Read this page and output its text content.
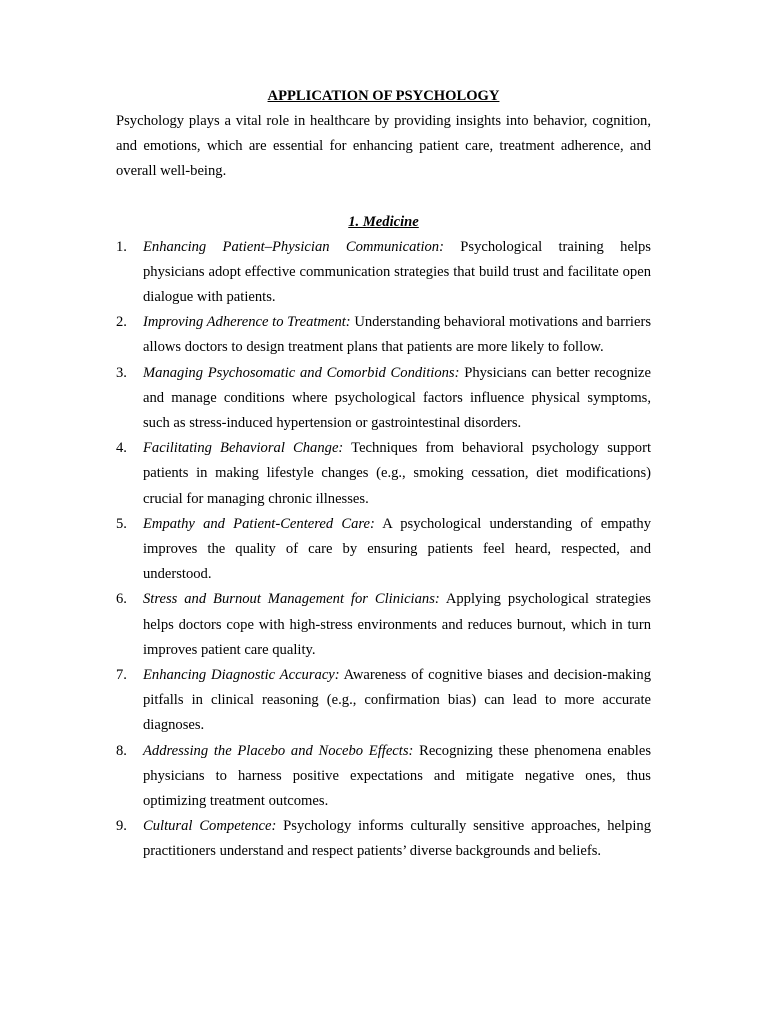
APPLICATION OF PSYCHOLOGY

Psychology plays a vital role in healthcare by providing insights into behavior, cognition, and emotions, which are essential for enhancing patient care, treatment adherence, and overall well-being.

1. Medicine

1. Enhancing Patient–Physician Communication: Psychological training helps physicians adopt effective communication strategies that build trust and facilitate open dialogue with patients.
2. Improving Adherence to Treatment: Understanding behavioral motivations and barriers allows doctors to design treatment plans that patients are more likely to follow.
3. Managing Psychosomatic and Comorbid Conditions: Physicians can better recognize and manage conditions where psychological factors influence physical symptoms, such as stress-induced hypertension or gastrointestinal disorders.
4. Facilitating Behavioral Change: Techniques from behavioral psychology support patients in making lifestyle changes (e.g., smoking cessation, diet modifications) crucial for managing chronic illnesses.
5. Empathy and Patient-Centered Care: A psychological understanding of empathy improves the quality of care by ensuring patients feel heard, respected, and understood.
6. Stress and Burnout Management for Clinicians: Applying psychological strategies helps doctors cope with high-stress environments and reduces burnout, which in turn improves patient care quality.
7. Enhancing Diagnostic Accuracy: Awareness of cognitive biases and decision-making pitfalls in clinical reasoning (e.g., confirmation bias) can lead to more accurate diagnoses.
8. Addressing the Placebo and Nocebo Effects: Recognizing these phenomena enables physicians to harness positive expectations and mitigate negative ones, thus optimizing treatment outcomes.
9. Cultural Competence: Psychology informs culturally sensitive approaches, helping practitioners understand and respect patients’ diverse backgrounds and beliefs.
